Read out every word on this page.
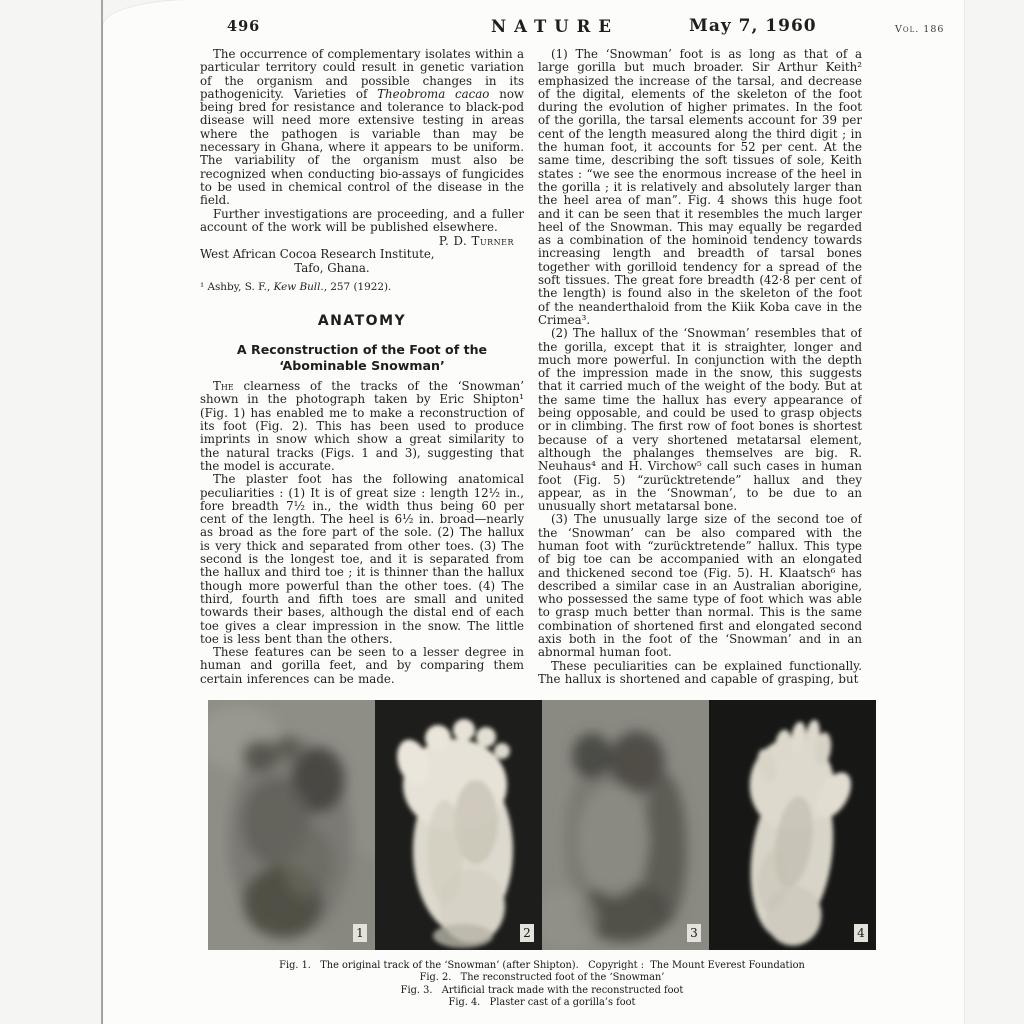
496	NATURE	May 7, 1960	Vol. 186

The occurrence of complementary isolates within a particular territory could result in genetic variation of the organism and possible changes in its pathogenicity. Varieties of Theobroma cacao now being bred for resistance and tolerance to black-pod disease will need more extensive testing in areas where the pathogen is variable than may be necessary in Ghana, where it appears to be uniform. The variability of the organism must also be recognized when conducting bio-assays of fungicides to be used in chemical control of the disease in the field.

Further investigations are proceeding, and a fuller account of the work will be published elsewhere.

P. D. Turner
West African Cocoa Research Institute,
Tafo, Ghana.
¹ Ashby, S. F., Kew Bull., 257 (1922).
ANATOMY
A Reconstruction of the Foot of the
‘Abominable Snowman’

The clearness of the tracks of the ‘Snowman’ shown in the photograph taken by Eric Shipton¹ (Fig. 1) has enabled me to make a reconstruction of its foot (Fig. 2). This has been used to produce imprints in snow which show a great similarity to the natural tracks (Figs. 1 and 3), suggesting that the model is accurate.

The plaster foot has the following anatomical peculiarities : (1) It is of great size : length 12½ in., fore breadth 7½ in., the width thus being 60 per cent of the length. The heel is 6½ in. broad—nearly as broad as the fore part of the sole. (2) The hallux is very thick and separated from other toes. (3) The second is the longest toe, and it is separated from the hallux and third toe ; it is thinner than the hallux though more powerful than the other toes. (4) The third, fourth and fifth toes are small and united towards their bases, although the distal end of each toe gives a clear impression in the snow. The little toe is less bent than the others.

These features can be seen to a lesser degree in human and gorilla feet, and by comparing them certain inferences can be made.

(1) The ‘Snowman’ foot is as long as that of a large gorilla but much broader. Sir Arthur Keith² emphasized the increase of the tarsal, and decrease of the digital, elements of the skeleton of the foot during the evolution of higher primates. In the foot of the gorilla, the tarsal elements account for 39 per cent of the length measured along the third digit ; in the human foot, it accounts for 52 per cent. At the same time, describing the soft tissues of sole, Keith states : “we see the enormous increase of the heel in the gorilla ; it is relatively and absolutely larger than the heel area of man”. Fig. 4 shows this huge foot and it can be seen that it resembles the much larger heel of the Snowman. This may equally be regarded as a combination of the hominoid tendency towards increasing length and breadth of tarsal bones together with gorilloid tendency for a spread of the soft tissues. The great fore breadth (42·8 per cent of the length) is found also in the skeleton of the foot of the neanderthaloid from the Kiik Koba cave in the Crimea³.

(2) The hallux of the ‘Snowman’ resembles that of the gorilla, except that it is straighter, longer and much more powerful. In conjunction with the depth of the impression made in the snow, this suggests that it carried much of the weight of the body. But at the same time the hallux has every appearance of being opposable, and could be used to grasp objects or in climbing. The first row of foot bones is shortest because of a very shortened metatarsal element, although the phalanges themselves are big. R. Neuhaus⁴ and H. Virchow⁵ call such cases in human foot (Fig. 5) “zurücktretende” hallux and they appear, as in the ‘Snowman’, to be due to an unusually short metatarsal bone.

(3) The unusually large size of the second toe of the ‘Snowman’ can be also compared with the human foot with “zurücktretende” hallux. This type of big toe can be accompanied with an elongated and thickened second toe (Fig. 5). H. Klaatsch⁶ has described a similar case in an Australian aborigine, who possessed the same type of foot which was able to grasp much better than normal. This is the same combination of shortened first and elongated second axis both in the foot of the ‘Snowman’ and in an abnormal human foot.

These peculiarities can be explained functionally. The hallux is shortened and capable of grasping, but

1	2	3	4
Fig. 1.   The original track of the ‘Snowman’ (after Shipton).   Copyright :  The Mount Everest Foundation
Fig. 2.   The reconstructed foot of the ‘Snowman’
Fig. 3.   Artificial track made with the reconstructed foot
Fig. 4.   Plaster cast of a gorilla’s foot
